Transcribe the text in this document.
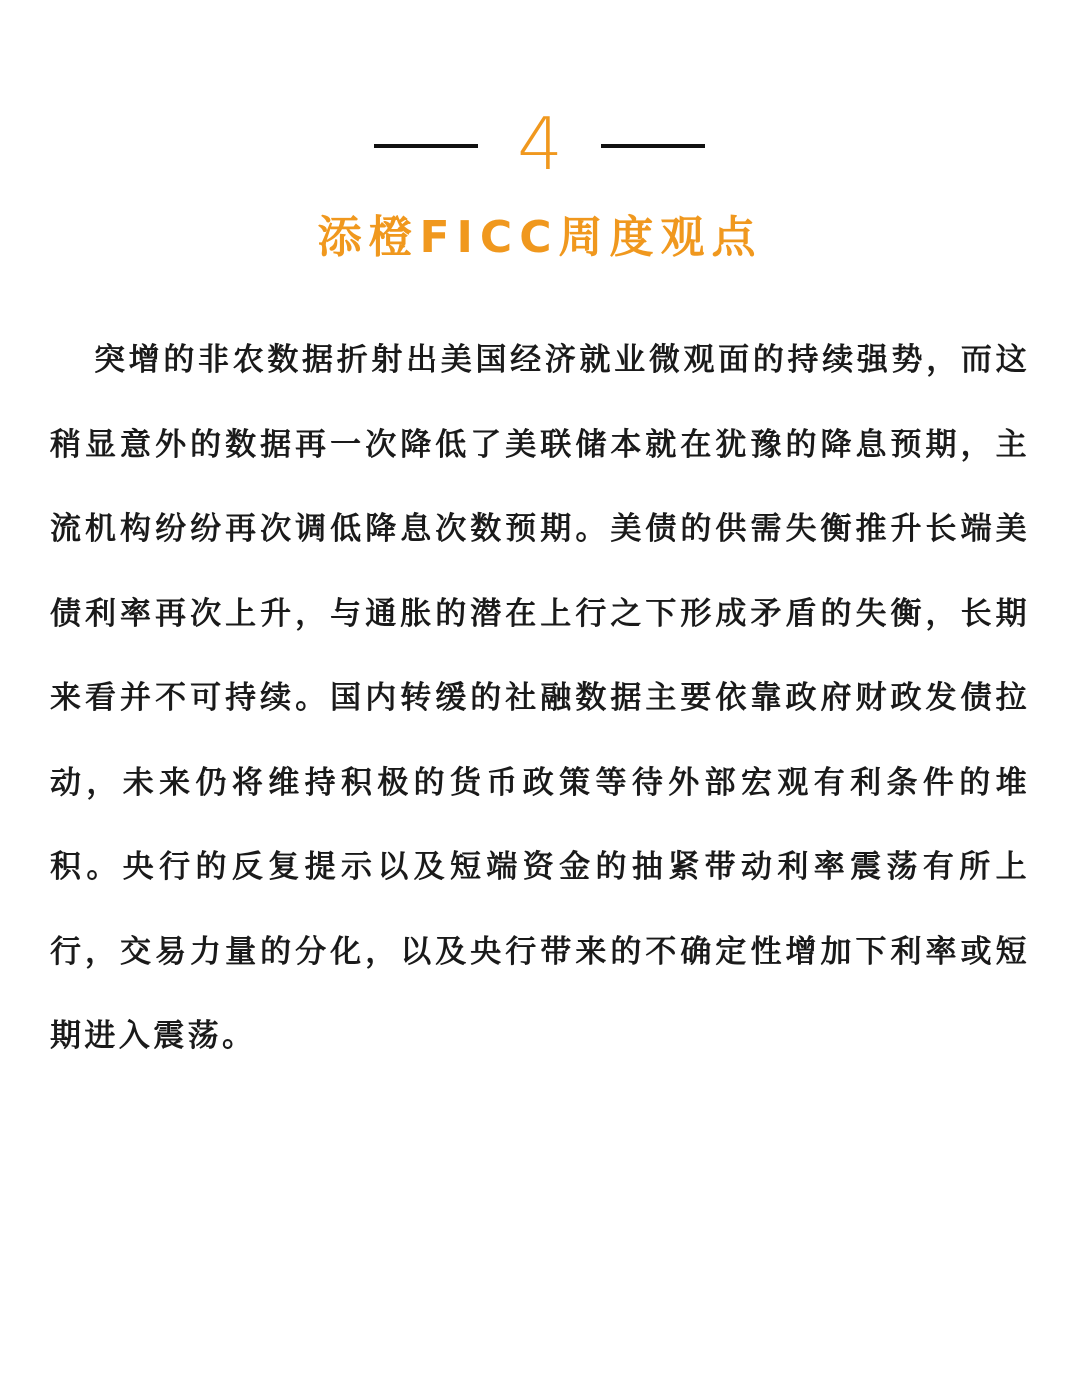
4
添橙FICC周度观点

突增的非农数据折射出美国经济就业微观面的持续强势，而这稍显意外的数据再一次降低了美联储本就在犹豫的降息预期，主流机构纷纷再次调低降息次数预期。美债的供需失衡推升长端美债利率再次上升，与通胀的潜在上行之下形成矛盾的失衡，长期来看并不可持续。国内转缓的社融数据主要依靠政府财政发债拉动，未来仍将维持积极的货币政策等待外部宏观有利条件的堆积。央行的反复提示以及短端资金的抽紧带动利率震荡有所上行，交易力量的分化，以及央行带来的不确定性增加下利率或短期进入震荡。
